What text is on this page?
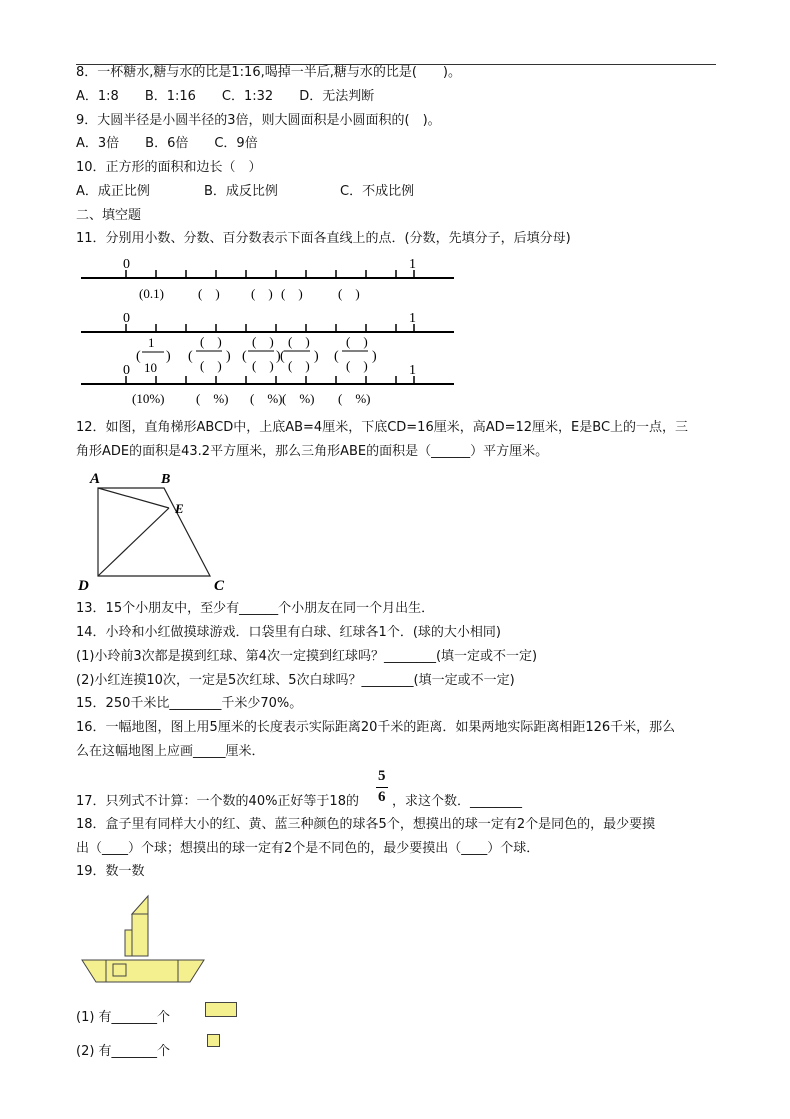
8．一杯糖水,糖与水的比是1:16,喝掉一半后,糖与水的比是(　　)。
A．1:8　　B．1:16　　C．1:32　　D．无法判断
9．大圆半径是小圆半径的3倍，则大圆面积是小圆面积的(　)。
A．3倍　　B．6倍　　C．9倍
10．正方形的面积和边长（　）
A．成正比例	B．成反比例	C．不成比例
二、填空题
11．分别用小数、分数、百分数表示下面各直线上的点．(分数，先填分子，后填分母)
0	1
(0.1)	(　) (　) (　)	(　)
0	1
(
1
10
) (
(　)
(　)
) (
(　)
(　)
) (
(　)
(　)
) (
(　)
(　)
)
0	1
(10%) (　%) (　%) (　%) (　%)
12．如图，直角梯形ABCD中，上底AB=4厘米，下底CD=16厘米，高AD=12厘米，E是BC上的一点，三
角形ADE的面积是43.2平方厘米，那么三角形ABE的面积是（______）平方厘米。
A	B
E
D	C
13．15个小朋友中，至少有______个小朋友在同一个月出生．
14．小玲和小红做摸球游戏．口袋里有白球、红球各1个．(球的大小相同)
(1)小玲前3次都是摸到红球、第4次一定摸到红球吗？________(填一定或不一定)
(2)小红连摸10次，一定是5次红球、5次白球吗？________(填一定或不一定)
15．250千米比________千米少70%。
16．一幅地图，图上用5厘米的长度表示实际距离20千米的距离．如果两地实际距离相距126千米，那么
么在这幅地图上应画_____厘米．
17．只列式不计算：一个数的40%正好等于18的
5
6 ，求这个数．________
18．盒子里有同样大小的红、黄、蓝三种颜色的球各5个，想摸出的球一定有2个是同色的，最少要摸
出（____）个球；想摸出的球一定有2个是不同色的，最少要摸出（____）个球．
19．数一数
(1) 有_______个
(2) 有_______个
